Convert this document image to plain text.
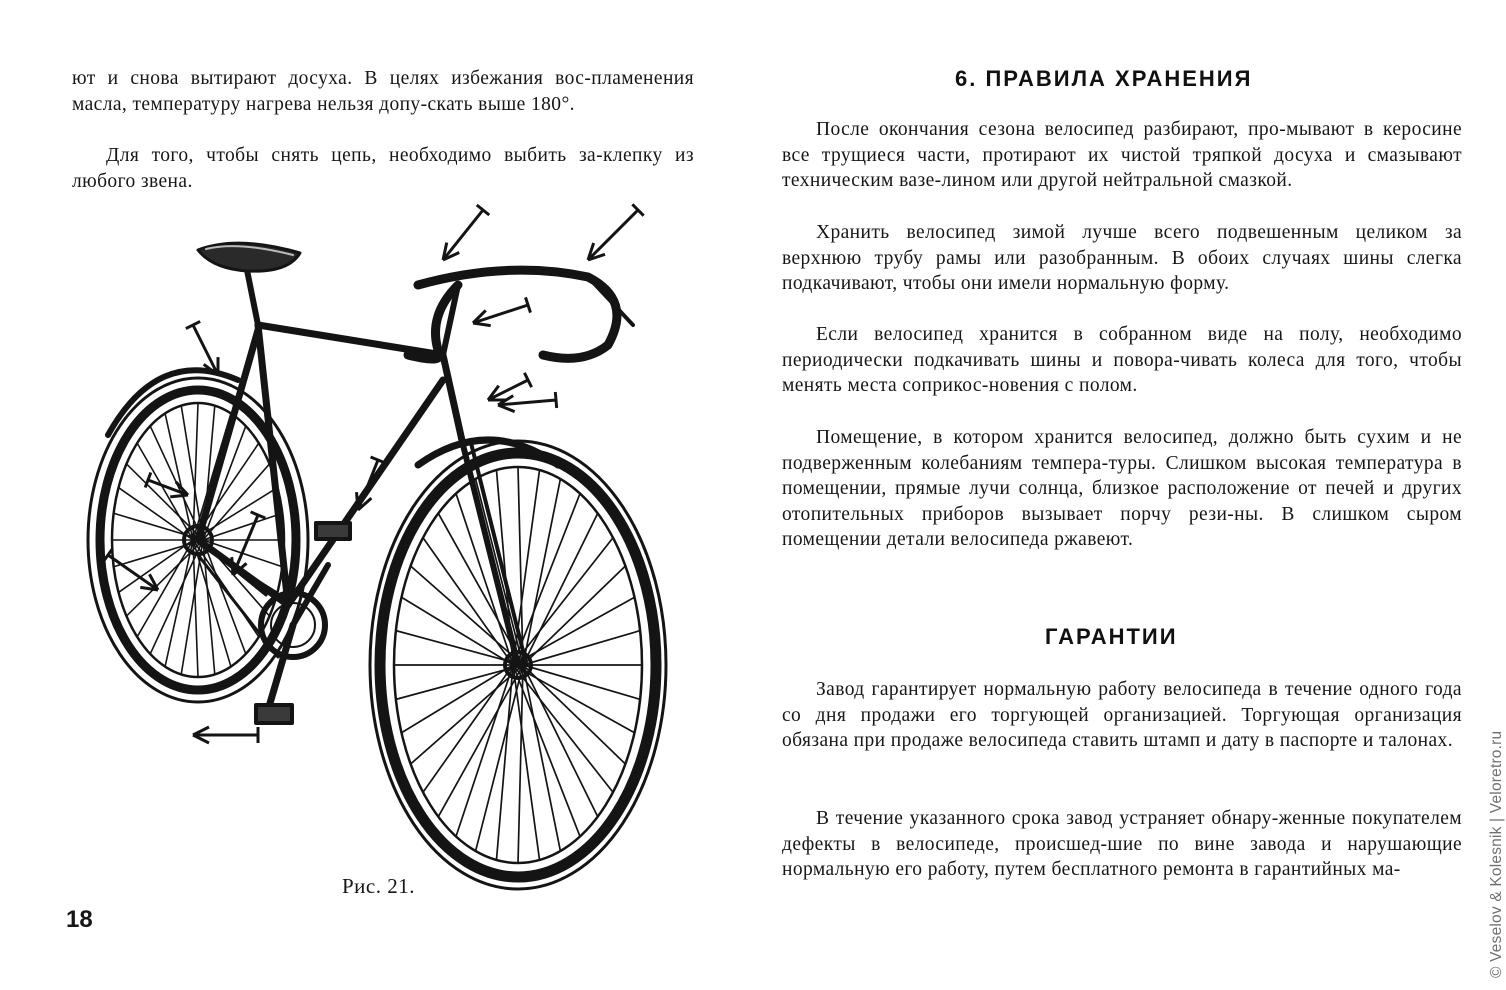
ют и снова вытирают досуха. В целях избежания вос-пламенения масла, температуру нагрева нельзя допу-скать выше 180°.

Для того, чтобы снять цепь, необходимо выбить за-клепку из любого звена.

Рис. 21.
18
6. ПРАВИЛА ХРАНЕНИЯ

После окончания сезона велосипед разбирают, про-мывают в керосине все трущиеся части, протирают их чистой тряпкой досуха и смазывают техническим вазе-лином или другой нейтральной смазкой.

Хранить велосипед зимой лучше всего подвешенным целиком за верхнюю трубу рамы или разобранным. В обоих случаях шины слегка подкачивают, чтобы они имели нормальную форму.

Если велосипед хранится в собранном виде на полу, необходимо периодически подкачивать шины и повора-чивать колеса для того, чтобы менять места соприкос-новения с полом.

Помещение, в котором хранится велосипед, должно быть сухим и не подверженным колебаниям темпера-туры. Слишком высокая температура в помещении, прямые лучи солнца, близкое расположение от печей и других отопительных приборов вызывает порчу рези-ны. В слишком сыром помещении детали велосипеда ржавеют.

ГАРАНТИИ

Завод гарантирует нормальную работу велосипеда в течение одного года со дня продажи его торгующей организацией. Торгующая организация обязана при продаже велосипеда ставить штамп и дату в паспорте и талонах.

В течение указанного срока завод устраняет обнару-женные покупателем дефекты в велосипеде, происшед-шие по вине завода и нарушающие нормальную его работу, путем бесплатного ремонта в гарантийных ма-	© Veselov & Kolesnik | Veloretro.ru
